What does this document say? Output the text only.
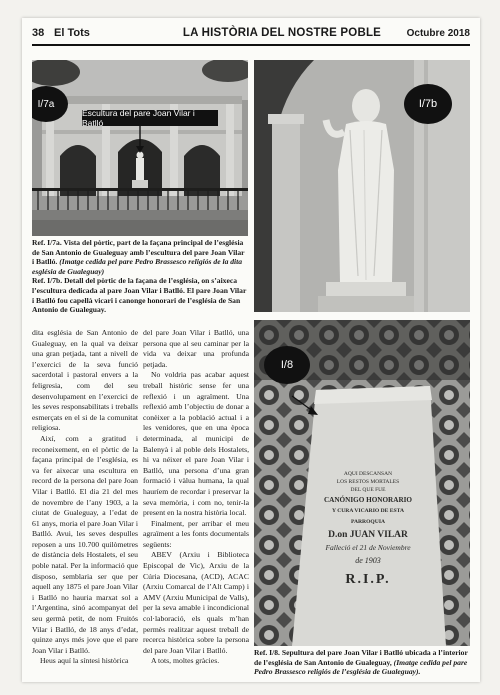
38 El Tots	LA HISTÒRIA DEL NOSTRE POBLE	Octubre 2018
I/7a
Escultura del pare Joan Vilar i Batlló
I/7b
Ref. I/7a. Vista del pòrtic, part de la façana principal de l’església de San Antonio de Gualeguay amb l’escultura del pare Joan Vilar i Batlló. (Imatge cedida pel pare Pedro Brassesco religiós de la dita església de Gualeguay)
Ref. I/7b. Detall del pòrtic de la façana de l’església, on s’aixeca l’escultura dedicada al pare Joan Vilar i Batlló. El pare Joan Vilar i Batlló fou capellà vicari i canonge honorari de l’església de San Antonio de Gualeguay.

dita església de San Antonio de Gualeguay, en la qual va deixar una gran petjada, tant a nivell de l’exercici de la seva funció sacerdotal i pastoral envers a la feligresia, com del seu desenvolupament en l’exercici de les seves responsabilitats i treballs esmerçats en el si de la comunitat religiosa.

Així, com a gratitud i reconeixement, en el pòrtic de la façana principal de l’església, es va fer aixecar una escultura en record de la persona del pare Joan Vilar i Batlló. El dia 21 del mes de novembre de l’any 1903, a la ciutat de Gualeguay, a l’edat de 61 anys, moria el pare Joan Vilar i Batlló. Avui, les seves despulles reposen a uns 10.700 quilòmetres de distància dels Hostalets, el seu poble natal. Per la informació que disposo, semblaria ser que per aquell any 1875 el pare Joan Vilar i Batlló no hauria marxat sol a l’Argentina, sinó acompanyat del seu germà petit, de nom Fruitós Vilar i Batlló, de 18 anys d’edat, quinze anys més jove que el pare Joan Vilar i Batlló.

Heus aquí la síntesi històrica

del pare Joan Vilar i Batlló, una persona que al seu caminar per la vida va deixar una profunda petjada.

No voldria pas acabar aquest treball històric sense fer una reflexió i un agraïment. Una reflexió amb l’objectiu de donar a conèixer a la població actual i a les venidores, que en una època determinada, al municipi de Balenyà i al poble dels Hostalets, hi va néixer el pare Joan Vilar i Batlló, una persona d’una gran formació i vàlua humana, la qual hauríem de recordar i preservar la seva memòria, i com no, tenir-la present en la nostra història local.

Finalment, per arribar el meu agraïment a les fonts documentals següents:

ABEV (Arxiu i Biblioteca Episcopal de Vic), Arxiu de la Cúria Diocesana, (ACD), ACAC (Arxiu Comarcal de l’Alt Camp) i AMV (Arxiu Municipal de Valls), per la seva amable i incondicional col·laboració, els quals m’han permès realitzar aquest treball de recerca històrica sobre la persona del pare Joan Vilar i Batlló.

A tots, moltes gràcies.

I/8
AQUI DESCANSAN
LOS RESTOS MORTALES
DEL QUE FUE
CANÓNIGO HONORARIO
Y CURA VICARIO DE ESTA PARROQUIA
D.on JUAN VILAR
Falleció el 21 de Noviembre
de 1903
R.I.P.
Ref. I/8. Sepultura del pare Joan Vilar i Batlló ubicada a l’interior de l’església de San Antonio de Gualeguay, (Imatge cedida pel pare Pedro Brassesco religiós de l’església de Gualeguay).
